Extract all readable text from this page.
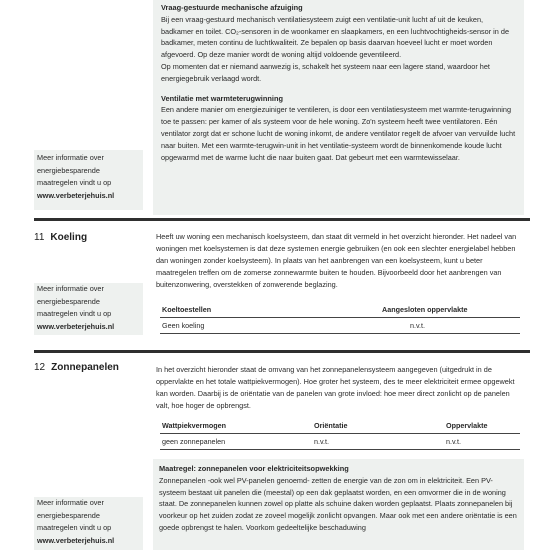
Vraag-gestuurde mechanische afzuiging

Bij een vraag-gestuurd mechanisch ventilatiesysteem zuigt een ventilatie-unit lucht af uit de keuken, badkamer en toilet. CO₂-sensoren in de woonkamer en slaapkamers, en een luchtvochtigheids-sensor in de badkamer, meten continu de luchtkwaliteit. Ze bepalen op basis daarvan hoeveel lucht er moet worden afgevoerd. Op deze manier wordt de woning altijd voldoende geventileerd.

Op momenten dat er niemand aanwezig is, schakelt het systeem naar een lagere stand, waardoor het energiegebruik verlaagd wordt.

Ventilatie met warmteterugwinning

Een andere manier om energiezuiniger te ventileren, is door een ventilatiesysteem met warmte-terugwinning toe te passen: per kamer of als systeem voor de hele woning. Zo'n systeem heeft twee ventilatoren. Eén ventilator zorgt dat er schone lucht de woning inkomt, de andere ventilator regelt de afvoer van vervuilde lucht naar buiten. Met een warmte-terugwin-unit in het ventilatie-systeem wordt de binnenkomende koude lucht opgewarmd met de warme lucht die naar buiten gaat. Dat gebeurt met een warmtewisselaar.

Meer informatie over
energiebesparende
maatregelen vindt u op
www.verbeterjehuis.nl
11 Koeling	Heeft uw woning een mechanisch koelsysteem, dan staat dit vermeld in het overzicht hieronder. Het nadeel van woningen met koelsystemen is dat deze systemen energie gebruiken (en ook een slechter energielabel hebben dan woningen zonder koelsysteem). In plaats van het aanbrengen van een koelsysteem, kunt u beter maatregelen treffen om de zomerse zonnewarmte buiten te houden. Bijvoorbeeld door het aanbrengen van buitenzonwering, overstekken of zonwerende beglazing.

Koeltoestellen	Aangesloten oppervlakte
Geen koeling	n.v.t.
Meer informatie over
energiebesparende
maatregelen vindt u op
www.verbeterjehuis.nl
12 Zonnepanelen	In het overzicht hieronder staat de omvang van het zonnepanelensysteem aangegeven (uitgedrukt in de oppervlakte en het totale wattpiekvermogen). Hoe groter het systeem, des te meer elektriciteit ermee opgewekt kan worden. Daarbij is de oriëntatie van de panelen van grote invloed: hoe meer direct zonlicht op de panelen valt, hoe hoger de opbrengst.

Wattpiekvermogen	Oriëntatie	Oppervlakte
geen zonnepanelen	n.v.t.	n.v.t.
Maatregel: zonnepanelen voor elektriciteitsopwekking

Zonnepanelen -ook wel PV-panelen genoemd- zetten de energie van de zon om in elektriciteit. Een PV-systeem bestaat uit panelen die (meestal) op een dak geplaatst worden, en een omvormer die in de woning staat. De zonnepanelen kunnen zowel op platte als schuine daken worden geplaatst. Plaats zonnepanelen bij voorkeur op het zuiden zodat ze zoveel mogelijk zonlicht opvangen. Maar ook met een andere oriëntatie is een goede opbrengst te halen. Voorkom gedeeltelijke beschaduwing

Meer informatie over
energiebesparende
maatregelen vindt u op
www.verbeterjehuis.nl
